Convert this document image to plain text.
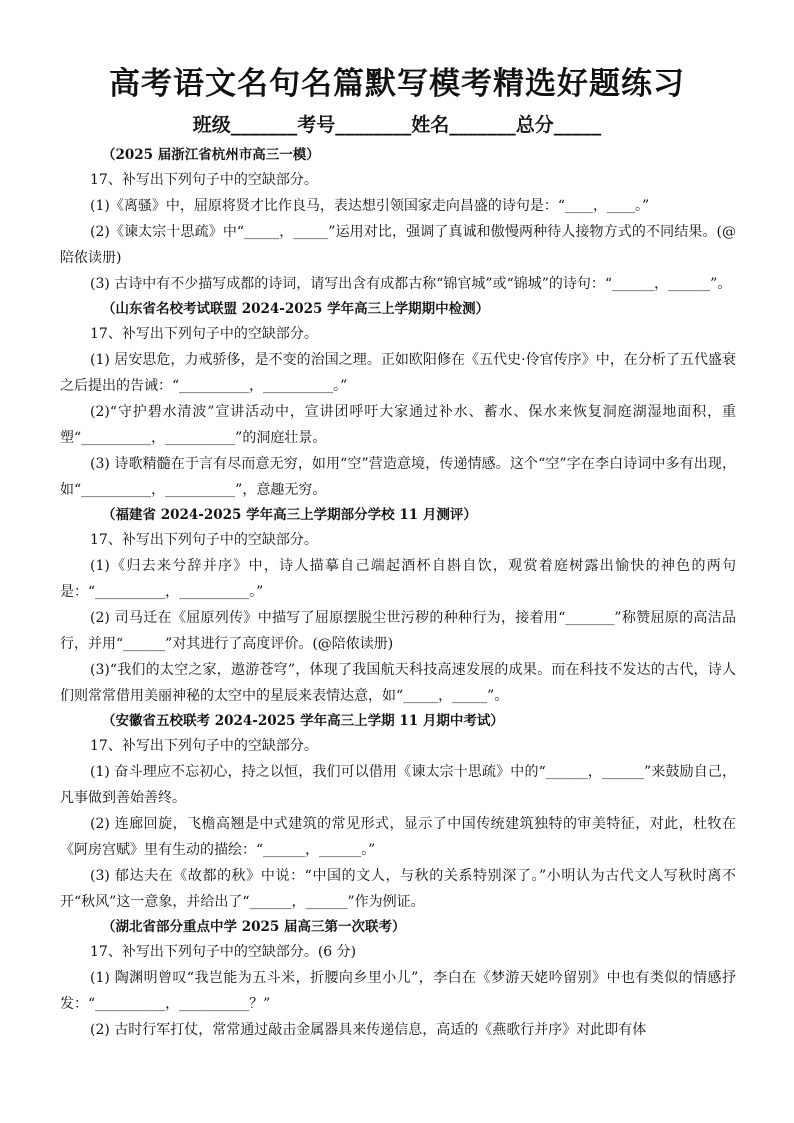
高考语文名句名篇默写模考精选好题练习
班级_______考号________姓名_______总分_____
（2025 届浙江省杭州市高三一模）
17、补写出下列句子中的空缺部分。
(1)《离骚》中，屈原将贤才比作良马，表达想引领国家走向昌盛的诗句是：“____，____。”
(2)《谏太宗十思疏》中“_____，_____”运用对比，强调了真诚和傲慢两种待人接物方式的不同结果。(@陪侬读册)
(3) 古诗中有不少描写成都的诗词，请写出含有成都古称“锦官城”或“锦城”的诗句：“______，______”。
（山东省名校考试联盟 2024-2025 学年高三上学期期中检测）
17、补写出下列句子中的空缺部分。
(1) 居安思危，力戒骄侈，是不变的治国之理。正如欧阳修在《五代史·伶官传序》中，在分析了五代盛衰之后提出的告诫：“__________，__________。”
(2)“守护碧水清波”宣讲活动中，宣讲团呼吁大家通过补水、蓄水、保水来恢复洞庭湖湿地面积，重塑“__________，__________”的洞庭壮景。
(3) 诗歌精髓在于言有尽而意无穷，如用“空”营造意境，传递情感。这个“空”字在李白诗词中多有出现，如“__________，__________”，意趣无穷。
（福建省 2024-2025 学年高三上学期部分学校 11 月测评）
17、补写出下列句子中的空缺部分。
(1)《归去来兮辞并序》中，诗人描摹自己端起酒杯自斟自饮，观赏着庭树露出愉快的神色的两句是：“__________，__________。”
(2) 司马迁在《屈原列传》中描写了屈原摆脱尘世污秽的种种行为，接着用“_______”称赞屈原的高洁品行，并用“______”对其进行了高度评价。(@陪侬读册)
(3)“我们的太空之家，遨游苍穹”，体现了我国航天科技高速发展的成果。而在科技不发达的古代，诗人们则常常借用美丽神秘的太空中的星辰来表情达意，如“_____，_____”。
（安徽省五校联考 2024-2025 学年高三上学期 11 月期中考试）
17、补写出下列句子中的空缺部分。
(1) 奋斗理应不忘初心，持之以恒，我们可以借用《谏太宗十思疏》中的“______，______”来鼓励自己，凡事做到善始善终。
(2) 连廊回旋，飞檐高翘是中式建筑的常见形式，显示了中国传统建筑独特的审美特征，对此，杜牧在《阿房宫赋》里有生动的描绘：“______，______。”
(3) 郁达夫在《故都的秋》中说：“中国的文人，与秋的关系特别深了。”小明认为古代文人写秋时离不开“秋风”这一意象，并给出了“______，______”作为例证。
（湖北省部分重点中学 2025 届高三第一次联考）
17、补写出下列句子中的空缺部分。(6 分)
(1) 陶渊明曾叹“我岂能为五斗米，折腰向乡里小儿”，李白在《梦游天姥吟留别》中也有类似的情感抒发：“__________，__________？”
(2) 古时行军打仗，常常通过敲击金属器具来传递信息，高适的《燕歌行并序》对此即有体
